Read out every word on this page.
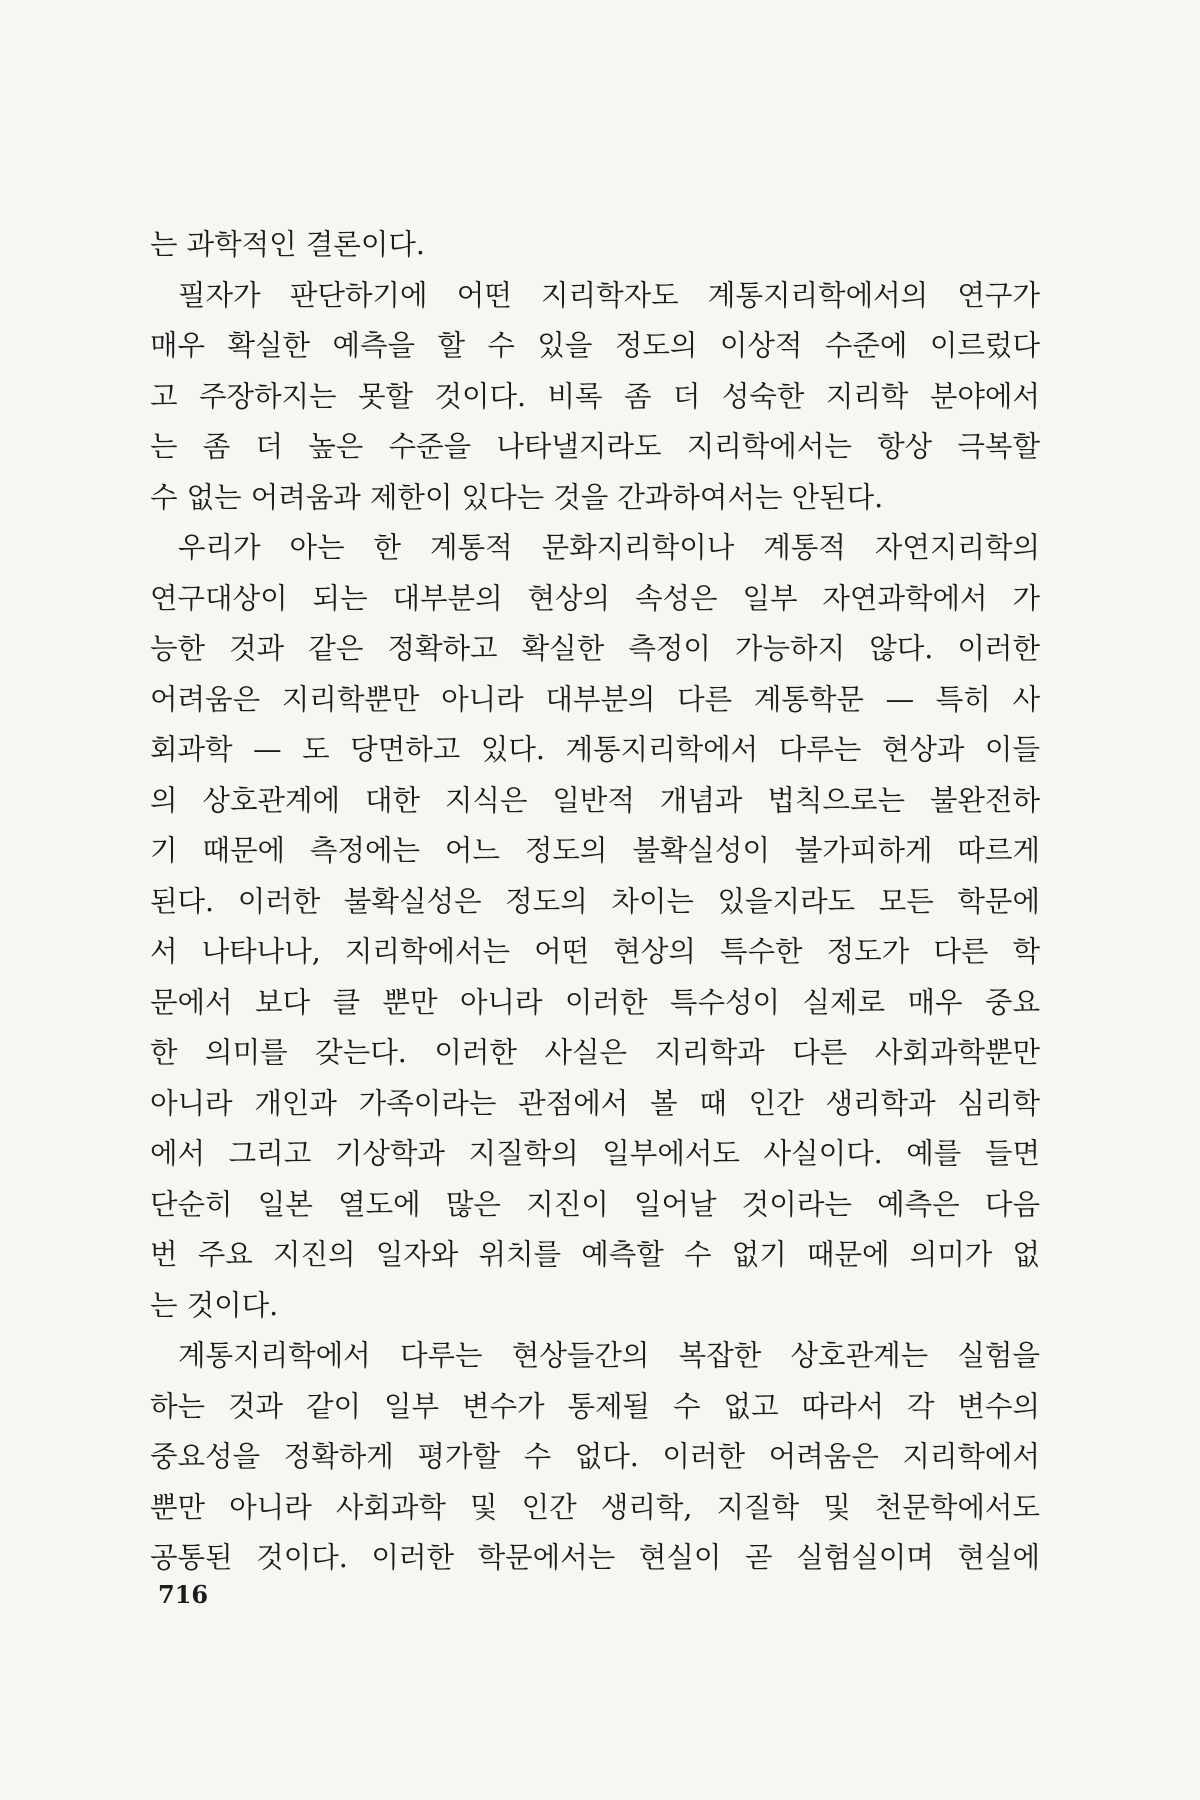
는 과학적인 결론이다.
필자가 판단하기에 어떤 지리학자도 계통지리학에서의 연구가
매우 확실한 예측을 할 수 있을 정도의 이상적 수준에 이르렀다
고 주장하지는 못할 것이다. 비록 좀 더 성숙한 지리학 분야에서
는 좀 더 높은 수준을 나타낼지라도 지리학에서는 항상 극복할
수 없는 어려움과 제한이 있다는 것을 간과하여서는 안된다.
우리가 아는 한 계통적 문화지리학이나 계통적 자연지리학의
연구대상이 되는 대부분의 현상의 속성은 일부 자연과학에서 가
능한 것과 같은 정확하고 확실한 측정이 가능하지 않다. 이러한
어려움은 지리학뿐만 아니라 대부분의 다른 계통학문 — 특히 사
회과학 — 도 당면하고 있다. 계통지리학에서 다루는 현상과 이들
의 상호관계에 대한 지식은 일반적 개념과 법칙으로는 불완전하
기 때문에 측정에는 어느 정도의 불확실성이 불가피하게 따르게
된다. 이러한 불확실성은 정도의 차이는 있을지라도 모든 학문에
서 나타나나, 지리학에서는 어떤 현상의 특수한 정도가 다른 학
문에서 보다 클 뿐만 아니라 이러한 특수성이 실제로 매우 중요
한 의미를 갖는다. 이러한 사실은 지리학과 다른 사회과학뿐만
아니라 개인과 가족이라는 관점에서 볼 때 인간 생리학과 심리학
에서 그리고 기상학과 지질학의 일부에서도 사실이다. 예를 들면
단순히 일본 열도에 많은 지진이 일어날 것이라는 예측은 다음
번 주요 지진의 일자와 위치를 예측할 수 없기 때문에 의미가 없
는 것이다.
계통지리학에서 다루는 현상들간의 복잡한 상호관계는 실험을
하는 것과 같이 일부 변수가 통제될 수 없고 따라서 각 변수의
중요성을 정확하게 평가할 수 없다. 이러한 어려움은 지리학에서
뿐만 아니라 사회과학 및 인간 생리학, 지질학 및 천문학에서도
공통된 것이다. 이러한 학문에서는 현실이 곧 실험실이며 현실에
716
